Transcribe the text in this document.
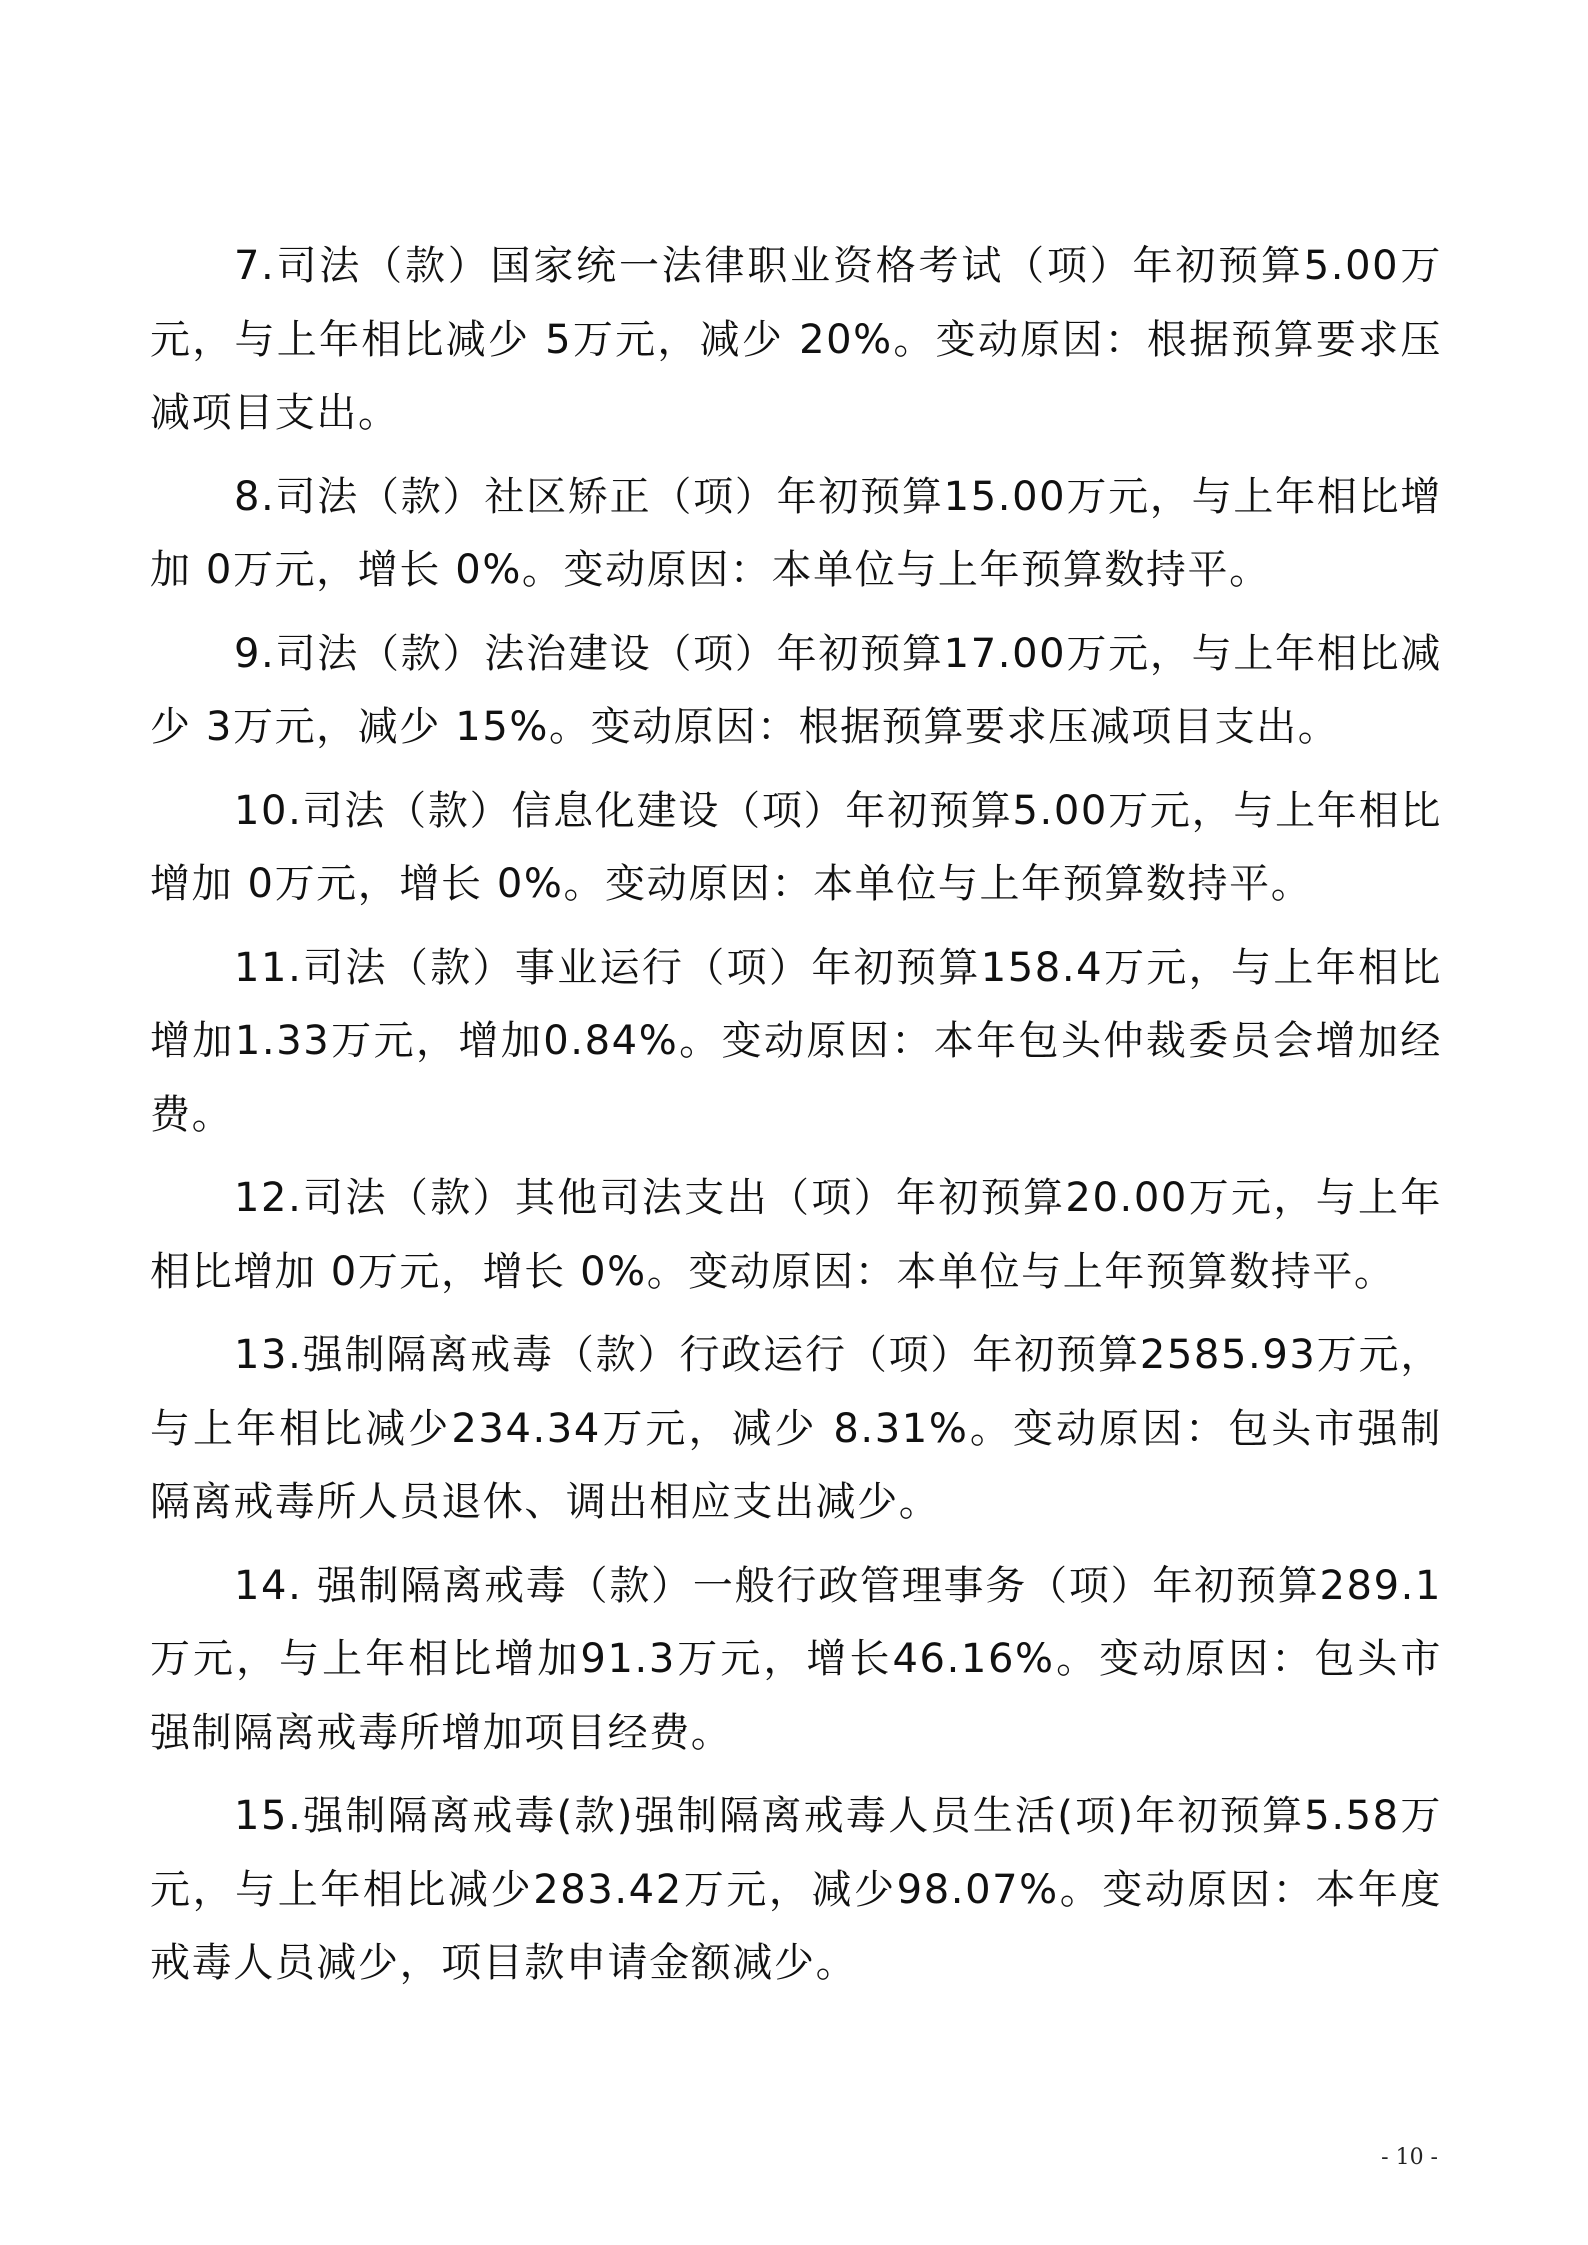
7.司法（款）国家统一法律职业资格考试（项）年初预算5.00万元，与上年相比减少 5万元，减少 20%。变动原因：根据预算要求压减项目支出。

8.司法（款）社区矫正（项）年初预算15.00万元，与上年相比增加 0万元，增长 0%。变动原因：本单位与上年预算数持平。

9.司法（款）法治建设（项）年初预算17.00万元，与上年相比减少 3万元，减少 15%。变动原因：根据预算要求压减项目支出。

10.司法（款）信息化建设（项）年初预算5.00万元，与上年相比增加 0万元，增长 0%。变动原因：本单位与上年预算数持平。

11.司法（款）事业运行（项）年初预算158.4万元，与上年相比增加1.33万元，增加0.84%。变动原因：本年包头仲裁委员会增加经费。

12.司法（款）其他司法支出（项）年初预算20.00万元，与上年相比增加 0万元，增长 0%。变动原因：本单位与上年预算数持平。

13.强制隔离戒毒（款）行政运行（项）年初预算2585.93万元，与上年相比减少234.34万元，减少 8.31%。变动原因：包头市强制隔离戒毒所人员退休、调出相应支出减少。

14. 强制隔离戒毒（款）一般行政管理事务（项）年初预算289.1万元，与上年相比增加91.3万元，增长46.16%。变动原因：包头市强制隔离戒毒所增加项目经费。

15.强制隔离戒毒(款)强制隔离戒毒人员生活(项)年初预算5.58万元，与上年相比减少283.42万元，减少98.07%。变动原因：本年度戒毒人员减少，项目款申请金额减少。

- 10 -
